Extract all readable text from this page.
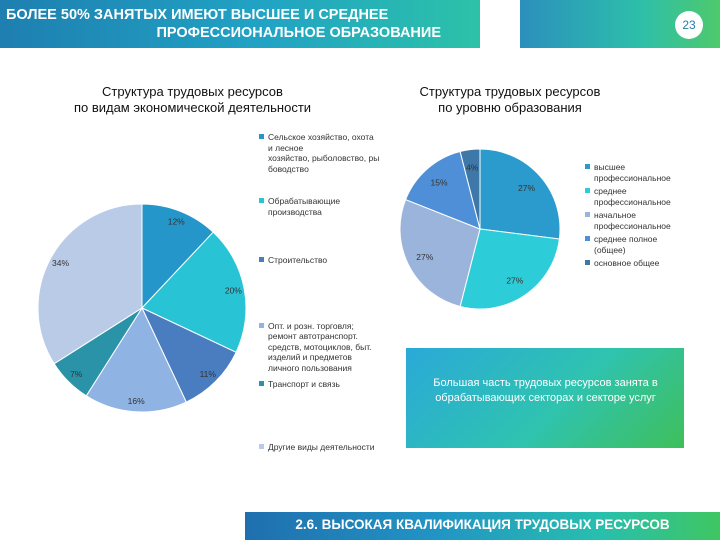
БОЛЕЕ 50% ЗАНЯТЫХ ИМЕЮТ ВЫСШЕЕ И СРЕДНЕЕ
ПРОФЕССИОНАЛЬНОЕ ОБРАЗОВАНИЕ	23
Структура трудовых ресурсов
по видам экономической деятельности
Структура трудовых ресурсов
по уровню образования
12%
20%
11%
16%
7%
34%
27%
27%
27%
15%
4%
Сельское хозяйство, охота
и лесное
хозяйство, рыболовство, ры
боводство
Обрабатывающие
производства
Строительство
Опт. и розн. торговля;
ремонт автотранспорт.
средств, мотоциклов, быт.
изделий и предметов
личного пользования
Транспорт и связь
Другие виды деятельности
высшее
профессиональное
среднее
профессиональное
начальное
профессиональное
среднее полное
(общее)
основное общее
Большая часть трудовых ресурсов занята в обрабатывающих секторах и секторе услуг
2.6. ВЫСОКАЯ КВАЛИФИКАЦИЯ ТРУДОВЫХ РЕСУРСОВ
